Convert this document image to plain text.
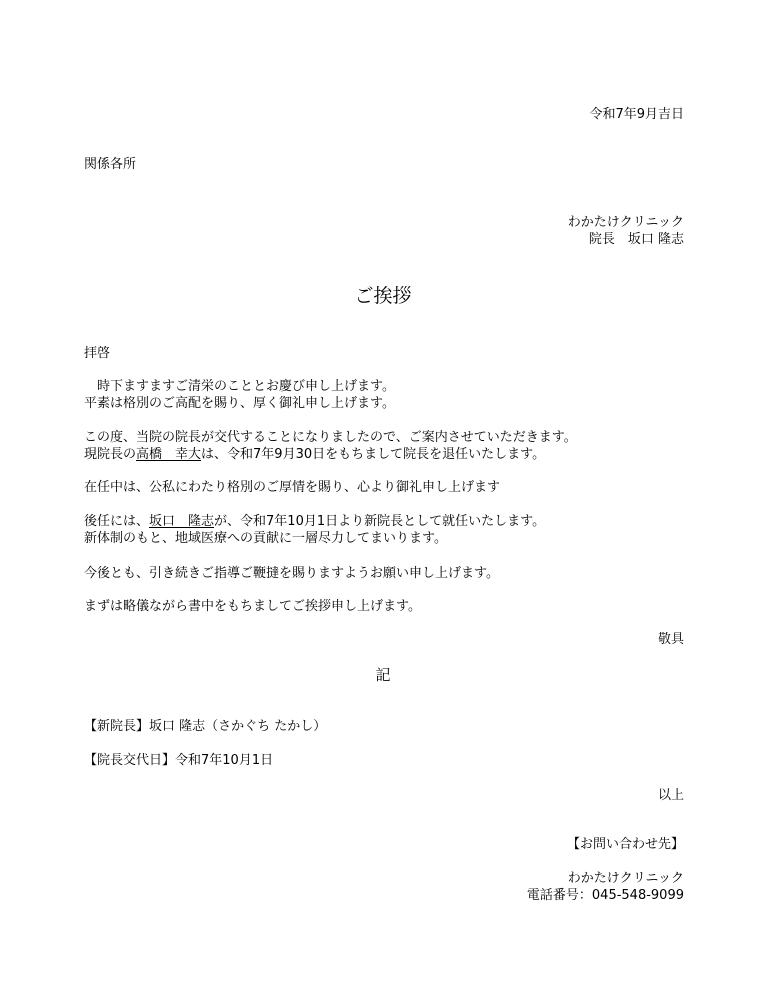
令和7年9月吉日

関係各所

わかたけクリニック

院長　坂口 隆志

ご挨拶

拝啓

　時下ますますご清栄のこととお慶び申し上げます。

平素は格別のご高配を賜り、厚く御礼申し上げます。

この度、当院の院長が交代することになりましたので、ご案内させていただきます。

現院長の高橋　幸大は、令和7年9月30日をもちまして院長を退任いたします。

在任中は、公私にわたり格別のご厚情を賜り、心より御礼申し上げます

後任には、坂口　隆志が、令和7年10月1日より新院長として就任いたします。

新体制のもと、地域医療への貢献に一層尽力してまいります。

今後とも、引き続きご指導ご鞭撻を賜りますようお願い申し上げます。

まずは略儀ながら書中をもちましてご挨拶申し上げます。

敬具

記

【新院長】坂口 隆志（さかぐち たかし）

【院長交代日】令和7年10月1日

以上

【お問い合わせ先】

わかたけクリニック

電話番号：045-548-9099
